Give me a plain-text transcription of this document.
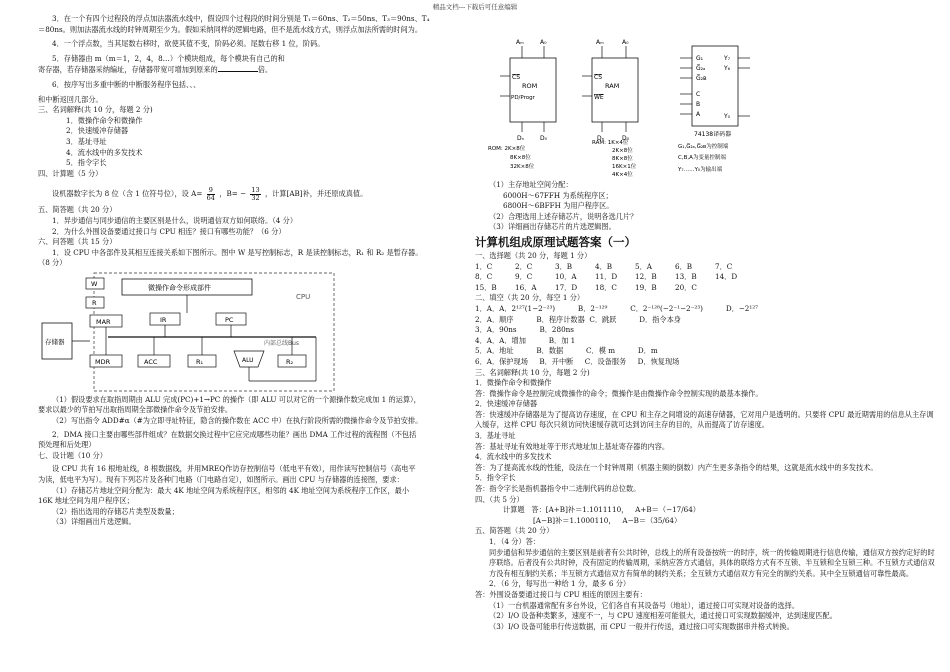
精品文档---下载后可任意编辑
3．在一个有四个过程段的浮点加法器流水线中，假设四个过程段的时间分别是 T₁＝60ns、T₂＝50ns、T₃＝90ns、T₄
＝80ns。则加法器流水线的时钟周期至少为。假如采纳同样的逻辑电路，但不是流水线方式，则浮点加法所需的时间为。
4．一个浮点数，当其尾数右移时，欲使其值不变，阶码必须。尾数右移 1 位，阶码。
5．存储器由 m（m＝1，2，4，8…）个模块组成，每个模块有自己的和
寄存器，若存储器采纳编址，存储器带宽可增加到原来的	倍。
6．按序写出多重中断的中断服务程序包括、、、
和中断返回几部分。
三、名词解释(共 10 分，每题 2 分)
1．微操作命令和微操作
2．快速缓冲存储器
3．基址寻址
4．流水线中的多发技术
5．指令字长
四、计算题（5 分）
设机器数字长为 8 位（含 1 位符号位），设 $A= \frac{9}{64}$ ，$B= - \frac{13}{32}$ ，计算[AB]补，并还原成真值。
五、简答题（共 20 分）
1．异步通信与同步通信的主要区别是什么，说明通信双方如何联络。（4 分）
2．为什么外围设备要通过接口与 CPU 相连？接口有哪些功能？（6 分）
六、问答题（共 15 分）
1．设 CPU 中各部件及其相互连接关系如下图所示。图中 W 是写控制标志，R 是读控制标志，R₁ 和 R₂ 是暂存器。
（8 分）
CPU
存储器
W
R
微操作命令形成部件
MAR	IR	PC
内部总线Bus
MDR	ACC	R₁	ALU	R₂
（1）假设要求在取指周期由 ALU 完成(PC)+1→PC 的操作（即 ALU 可以对它的一个源操作数完成加 1 的运算），
要求以最少的节拍写出取指周期全部微操作命令及节拍安排。
（2）写出指令 ADD#α（#为立即寻址特征，隐含的操作数在 ACC 中）在执行阶段所需的微操作命令及节拍安排。
2．DMA 接口主要由哪些部件组成？在数据交换过程中它应完成哪些功能？画出 DMA 工作过程的流程图（不包括
预处理和后处理）
七、设计题（10 分）
设 CPU 共有 16 根地址线，8 根数据线，并用MREQ作访存控制信号（低电平有效），用作读写控制信号（高电平
为读，低电平为写）。现有下列芯片及各种门电路（门电路自定），如图所示。画出 CPU 与存储器的连接图，要求：
（1）存储芯片地址空间分配为：最大 4K 地址空间为系统程序区，相邻的 4K 地址空间为系统程序工作区，最小
16K 地址空间为用户程序区；
（2）指出选用的存储芯片类型及数量；
（3）详细画出片选逻辑。
Aₘ	A₀
ROM
CS
PD/Progr
Dₙ	D₀
ROM: 2K×8位
8K×8位
32K×8位
Aₘ	A₀
RAM
CS
WE
Dₙ	D₀
RAM: 1K×4位
2K×8位
8K×8位
16K×1位
4K×4位
G₁
G̅₂ₐ
G̅₂ʙ
C
B
A
Y₇
Y₆
Y₀
74138译码器
G₁,G̅₂ₐ,G̅₂ʙ为控制端
C,B,A为变量控制端
Y₇……Y₀为输出端
（1）主存地址空间分配：
6000H～67FFH 为系统程序区；
6800H～6BFFH 为用户程序区。
（2）合理选用上述存储芯片，说明各选几片？
（3）详细画出存储芯片的片选逻辑图。
计算机组成原理试题答案（一）
一、选择题（共 20 分，每题 1 分）
1．C	2．C	3．B	4．B	5．A	6．B	7．C
8．C	9．C	10．A	11．D	12．B	13．B	14．D
15．B	16．A	17．D	18．C	19．B	20．C
二、填空（共 20 分，每空 1 分）
1．A．A．2¹²⁷(1−2⁻²³)          B．2⁻¹²⁹          C．2⁻¹²⁸(−2⁻¹−2⁻²³)          D．−2¹²⁷
2．A．顺序          B．程序计数器  C．跳跃          D．指令本身
3．A．90ns          B．280ns
4．A．A．增加          B．加 1
5．A．地址          B．数据          C．模 m          D．m
6．A．保护现场     B．开中断     C．设备服务     D．恢复现场
三、名词解释(共 10 分，每题 2 分)
1．微操作命令和微操作
答：微操作命令是控制完成微操作的命令；微操作是由微操作命令控制实现的最基本操作。
2．快速缓冲存储器
答：快速缓冲存储器是为了提高访存速度，在 CPU 和主存之间增设的高速存储器，它对用户是透明的。只要将 CPU 最近期需用的信息从主存调入缓存，这样 CPU 每次只须访问快速缓存就可达到访问主存的目的，从而提高了访存速度。
3．基址寻址
答：基址寻址有效地址等于形式地址加上基址寄存器的内容。
4．流水线中的多发技术
答：为了提高流水线的性能，设法在一个时钟周期（机器主频的倒数）内产生更多条指令的结果，这就是流水线中的多发技术。
5．指令字长
答：指令字长是指机器指令中二进制代码的总位数。
四、（共 5 分）
计算题   答：[A+B]补＝1.1011110，   A+B＝（−17/64）
[A−B]补＝1.1000110，   A−B＝（35/64）
五、简答题（共 20 分）
1．（4 分）答：
同步通信和异步通信的主要区别是前者有公共时钟，总线上的所有设备按统一的时序，统一的传输周期进行信息传输，通信双方按约定好的时序联络。后者没有公共时钟，没有固定的传输周期，采纳应答方式通信，具体的联络方式有不互锁、半互锁和全互锁三种。不互锁方式通信双方没有相互制约关系；半互锁方式通信双方有简单的制约关系；全互锁方式通信双方有完全的制约关系。其中全互锁通信可靠性最高。
2．（6 分，每写出一种给 1 分，最多 6 分）
答：外围设备要通过接口与 CPU 相连的原因主要有：
（1）一台机器通常配有多台外设，它们各自有其设备号（地址），通过接口可实现对设备的选择。
（2）I/O 设备种类繁多，速度不一，与 CPU 速度相差可能很大，通过接口可实现数据缓冲，达到速度匹配。
（3）I/O 设备可能串行传送数据，而 CPU 一般并行传送，通过接口可实现数据串并格式转换。
